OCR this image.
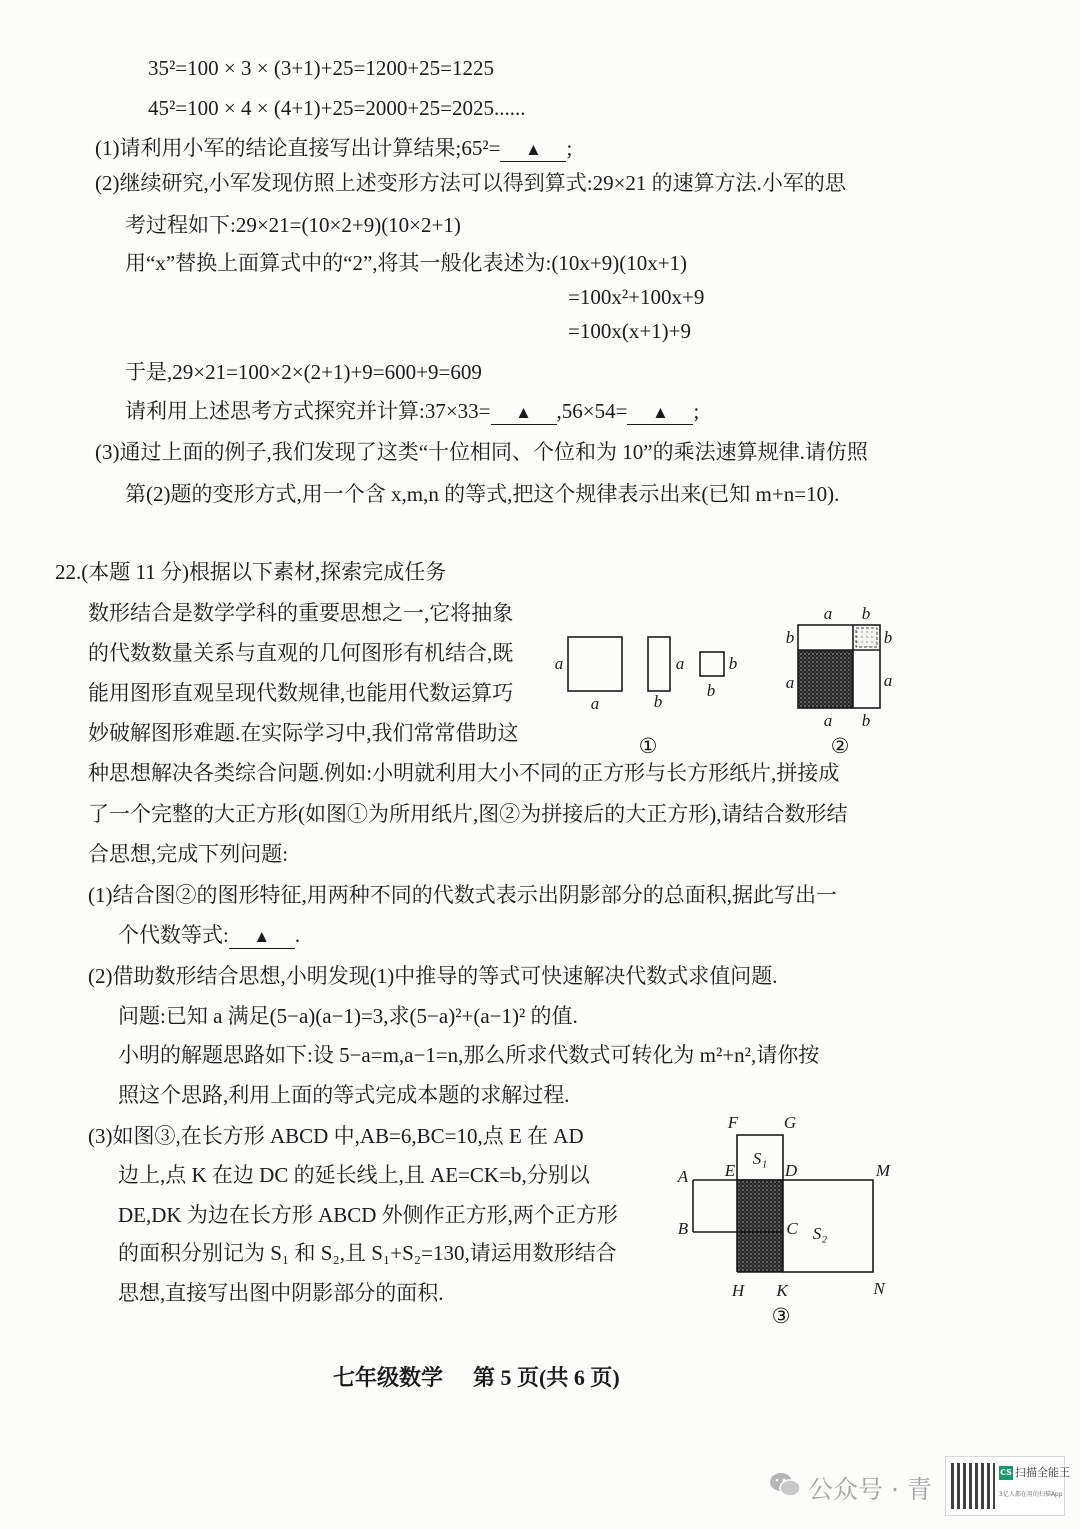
35²=100 × 3 × (3+1)+25=1200+25=1225
45²=100 × 4 × (4+1)+25=2000+25=2025......
(1)请利用小军的结论直接写出计算结果;65²= ▲ ;
(2)继续研究,小军发现仿照上述变形方法可以得到算式:29×21 的速算方法.小军的思
考过程如下:29×21=(10×2+9)(10×2+1)
用“x”替换上面算式中的“2”,将其一般化表述为:(10x+9)(10x+1)
=100x²+100x+9
=100x(x+1)+9
于是,29×21=100×2×(2+1)+9=600+9=609
请利用上述思考方式探究并计算:37×33= ▲ ,56×54= ▲ ;
(3)通过上面的例子,我们发现了这类“十位相同、个位和为 10”的乘法速算规律.请仿照
第(2)题的变形方式,用一个含 x,m,n 的等式,把这个规律表示出来(已知 m+n=10).
22.(本题 11 分)根据以下素材,探索完成任务
数形结合是数学学科的重要思想之一,它将抽象
的代数数量关系与直观的几何图形有机结合,既
能用图形直观呈现代数规律,也能用代数运算巧
妙破解图形难题.在实际学习中,我们常常借助这
种思想解决各类综合问题.例如:小明就利用大小不同的正方形与长方形纸片,拼接成
了一个完整的大正方形(如图①为所用纸片,图②为拼接后的大正方形),请结合数形结
合思想,完成下列问题:
(1)结合图②的图形特征,用两种不同的代数式表示出阴影部分的总面积,据此写出一
个代数等式: ▲ .
(2)借助数形结合思想,小明发现(1)中推导的等式可快速解决代数式求值问题.
问题:已知 a 满足(5−a)(a−1)=3,求(5−a)²+(a−1)² 的值.
小明的解题思路如下:设 5−a=m,a−1=n,那么所求代数式可转化为 m²+n²,请你按
照这个思路,利用上面的等式完成本题的求解过程.
(3)如图③,在长方形 ABCD 中,AB=6,BC=10,点 E 在 AD
边上,点 K 在边 DC 的延长线上,且 AE=CK=b,分别以
DE,DK 为边在长方形 ABCD 外侧作正方形,两个正方形
的面积分别记为 S₁ 和 S₂,且 S₁+S₂=130,请运用数形结合
思想,直接写出图中阴影部分的面积.
a
a
a
b
b
b
①
a b
b	b
a	a
a b
②
F	G
S₁
A E	D	M
B	C S₂
H K	N
③
七年级数学 第 5 页(共 6 页)
公众号 · 青
CS 扫描全能王
3亿人都在用的扫描App
